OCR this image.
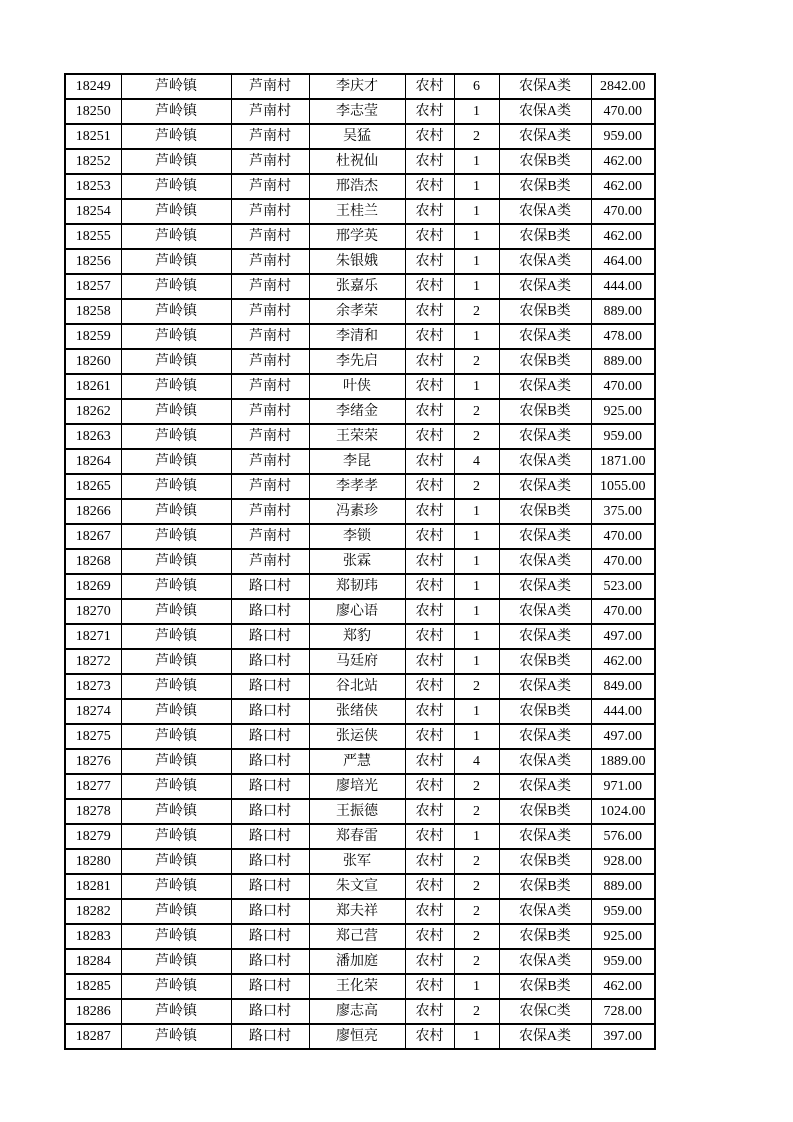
18249	芦岭镇	芦南村	李庆才	农村	6	农保A类	2842.00
18250	芦岭镇	芦南村	李志莹	农村	1	农保A类	470.00
18251	芦岭镇	芦南村	吴猛	农村	2	农保A类	959.00
18252	芦岭镇	芦南村	杜祝仙	农村	1	农保B类	462.00
18253	芦岭镇	芦南村	邢浩杰	农村	1	农保B类	462.00
18254	芦岭镇	芦南村	王桂兰	农村	1	农保A类	470.00
18255	芦岭镇	芦南村	邢学英	农村	1	农保B类	462.00
18256	芦岭镇	芦南村	朱银娥	农村	1	农保A类	464.00
18257	芦岭镇	芦南村	张嘉乐	农村	1	农保A类	444.00
18258	芦岭镇	芦南村	余孝荣	农村	2	农保B类	889.00
18259	芦岭镇	芦南村	李清和	农村	1	农保A类	478.00
18260	芦岭镇	芦南村	李先启	农村	2	农保B类	889.00
18261	芦岭镇	芦南村	叶侠	农村	1	农保A类	470.00
18262	芦岭镇	芦南村	李绪金	农村	2	农保B类	925.00
18263	芦岭镇	芦南村	王荣荣	农村	2	农保A类	959.00
18264	芦岭镇	芦南村	李昆	农村	4	农保A类	1871.00
18265	芦岭镇	芦南村	李孝孝	农村	2	农保A类	1055.00
18266	芦岭镇	芦南村	冯素珍	农村	1	农保B类	375.00
18267	芦岭镇	芦南村	李锁	农村	1	农保A类	470.00
18268	芦岭镇	芦南村	张霖	农村	1	农保A类	470.00
18269	芦岭镇	路口村	郑韧玮	农村	1	农保A类	523.00
18270	芦岭镇	路口村	廖心语	农村	1	农保A类	470.00
18271	芦岭镇	路口村	郑豹	农村	1	农保A类	497.00
18272	芦岭镇	路口村	马廷府	农村	1	农保B类	462.00
18273	芦岭镇	路口村	谷北站	农村	2	农保A类	849.00
18274	芦岭镇	路口村	张绪侠	农村	1	农保B类	444.00
18275	芦岭镇	路口村	张运侠	农村	1	农保A类	497.00
18276	芦岭镇	路口村	严慧	农村	4	农保A类	1889.00
18277	芦岭镇	路口村	廖培光	农村	2	农保A类	971.00
18278	芦岭镇	路口村	王振德	农村	2	农保B类	1024.00
18279	芦岭镇	路口村	郑春雷	农村	1	农保A类	576.00
18280	芦岭镇	路口村	张军	农村	2	农保B类	928.00
18281	芦岭镇	路口村	朱文宣	农村	2	农保B类	889.00
18282	芦岭镇	路口村	郑夫祥	农村	2	农保A类	959.00
18283	芦岭镇	路口村	郑己营	农村	2	农保B类	925.00
18284	芦岭镇	路口村	潘加庭	农村	2	农保A类	959.00
18285	芦岭镇	路口村	王化荣	农村	1	农保B类	462.00
18286	芦岭镇	路口村	廖志高	农村	2	农保C类	728.00
18287	芦岭镇	路口村	廖恒亮	农村	1	农保A类	397.00
